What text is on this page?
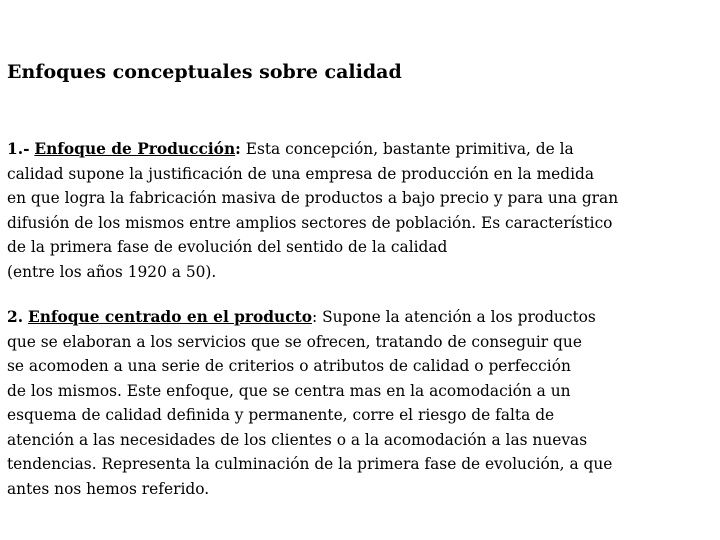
Enfoques conceptuales sobre calidad
1.- Enfoque de Producción: Esta concepción, bastante primitiva, de la
calidad supone la justificación de una empresa de producción en la medida
en que logra la fabricación masiva de productos a bajo precio y para una gran
difusión de los mismos entre amplios sectores de población. Es característico
de la primera fase de evolución del sentido de la calidad
(entre los años 1920 a 50).
2. Enfoque centrado en el producto: Supone la atención a los productos
que se elaboran a los servicios que se ofrecen, tratando de conseguir que
se acomoden a una serie de criterios o atributos de calidad o perfección
de los mismos. Este enfoque, que se centra mas en la acomodación a un
esquema de calidad definida y permanente, corre el riesgo de falta de
atención a las necesidades de los clientes o a la acomodación a las nuevas
tendencias. Representa la culminación de la primera fase de evolución, a que
antes nos hemos referido.
